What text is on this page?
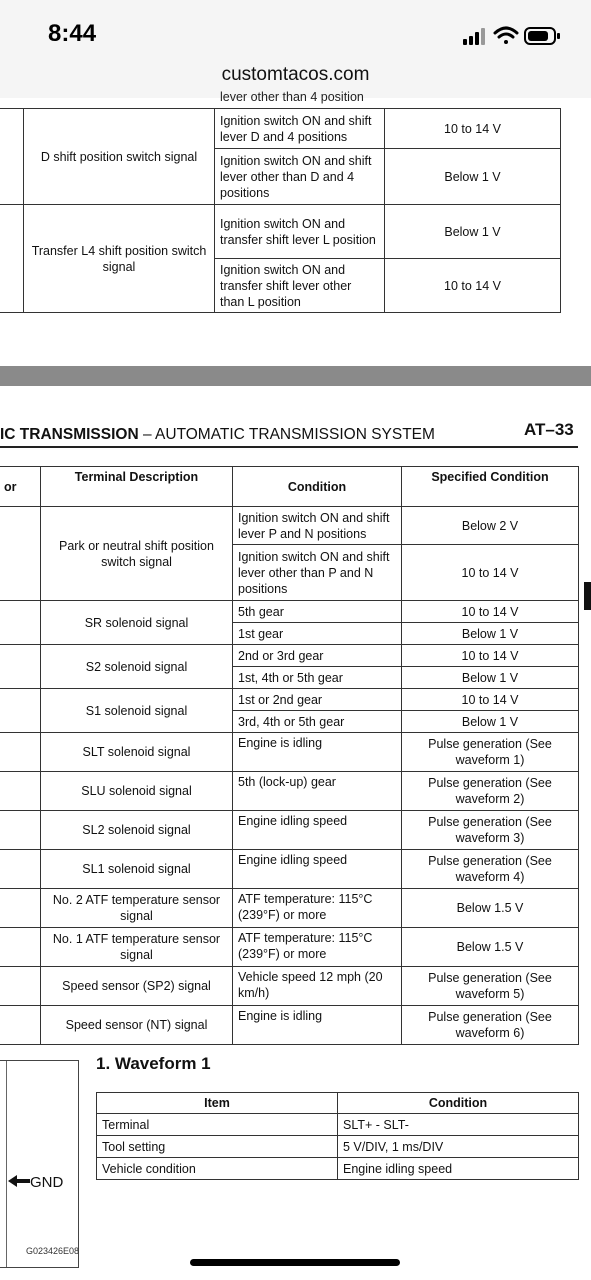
8:44
customtacos.com
lever other than 4 position
	D shift position switch signal	Ignition switch ON and shift lever D and 4 positions	10 to 14 V
		Ignition switch ON and shift lever other than D and 4 positions	Below 1 V
	Transfer L4 shift position switch signal	Ignition switch ON and transfer shift lever L position	Below 1 V
		Ignition switch ON and transfer shift lever other than L position	10 to 14 V
IC TRANSMISSION – AUTOMATIC TRANSMISSION SYSTEM	AT–33
or	Terminal Description	Condition	Specified Condition
	Park or neutral shift position switch signal	Ignition switch ON and shift lever P and N positions	Below 2 V
		Ignition switch ON and shift lever other than P and N positions	10 to 14 V
	SR solenoid signal	5th gear	10 to 14 V
		1st gear	Below 1 V
	S2 solenoid signal	2nd or 3rd gear	10 to 14 V
		1st, 4th or 5th gear	Below 1 V
	S1 solenoid signal	1st or 2nd gear	10 to 14 V
		3rd, 4th or 5th gear	Below 1 V
	SLT solenoid signal	Engine is idling	Pulse generation (See waveform 1)
	SLU solenoid signal	5th (lock-up) gear	Pulse generation (See waveform 2)
	SL2 solenoid signal	Engine idling speed	Pulse generation (See waveform 3)
	SL1 solenoid signal	Engine idling speed	Pulse generation (See waveform 4)
	No. 2 ATF temperature sensor signal	ATF temperature: 115°C (239°F) or more	Below 1.5 V
	No. 1 ATF temperature sensor signal	ATF temperature: 115°C (239°F) or more	Below 1.5 V
	Speed sensor (SP2) signal	Vehicle speed 12 mph (20 km/h)	Pulse generation (See waveform 5)
	Speed sensor (NT) signal	Engine is idling	Pulse generation (See waveform 6)
1. Waveform 1
Item	Condition
Terminal	SLT+ - SLT-
Tool setting	5 V/DIV, 1 ms/DIV
Vehicle condition	Engine idling speed
GND
G023426E08
